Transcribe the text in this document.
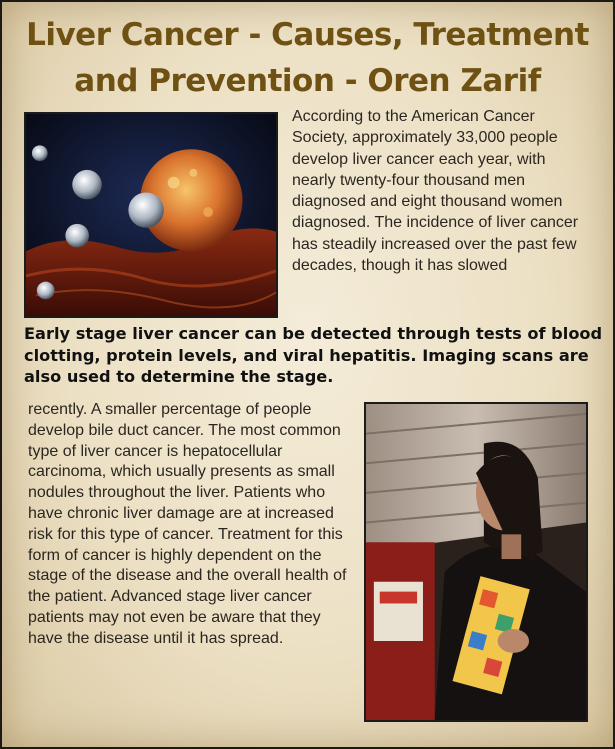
Liver Cancer - Causes, Treatment and Prevention - Oren Zarif

According to the American Cancer Society, approximately 33,000 people develop liver cancer each year, with nearly twenty-four thousand men diagnosed and eight thousand women diagnosed. The incidence of liver cancer has steadily increased over the past few decades, though it has slowed

Early stage liver cancer can be detected through tests of blood clotting, protein levels, and viral hepatitis. Imaging scans are also used to determine the stage.

recently. A smaller percentage of people develop bile duct cancer. The most common type of liver cancer is hepatocellular carcinoma, which usually presents as small nodules throughout the liver. Patients who have chronic liver damage are at increased risk for this type of cancer. Treatment for this form of cancer is highly dependent on the stage of the disease and the overall health of the patient. Advanced stage liver cancer patients may not even be aware that they have the disease until it has spread.
